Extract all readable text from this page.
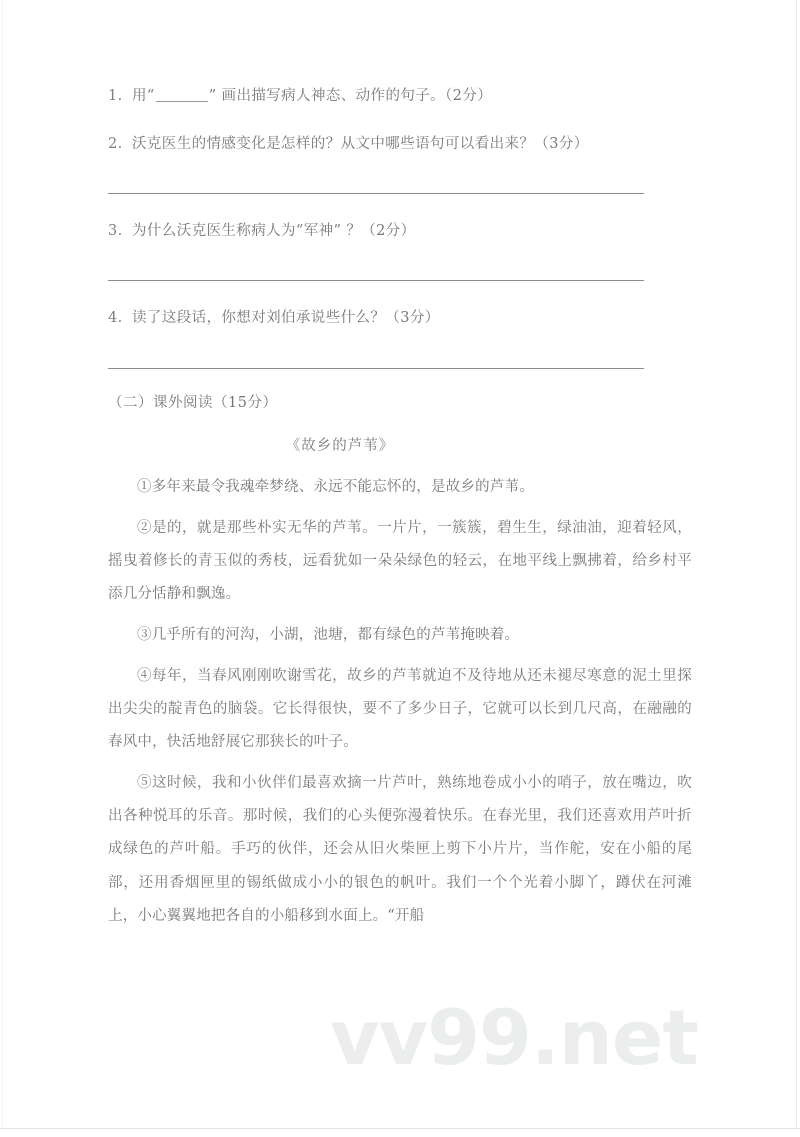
1. 用“	” 画出描写病人神态、动作的句子。（2分）
2. 沃克医生的情感变化是怎样的？从文中哪些语句可以看出来？（3分）
3. 为什么沃克医生称病人为“军神” ？（2分）
4. 读了这段话，你想对刘伯承说些什么？（3分）
（二）课外阅读（15分）
《故乡的芦苇》
①多年来最令我魂牵梦绕、永远不能忘怀的，是故乡的芦苇。
②是的，就是那些朴实无华的芦苇。一片片，一簇簇，碧生生，绿油油，迎着轻风，摇曳着修长的青玉似的秀枝，远看犹如一朵朵绿色的轻云，在地平线上飘拂着，给乡村平添几分恬静和飘逸。
③几乎所有的河沟，小湖，池塘，都有绿色的芦苇掩映着。
④每年，当春风刚刚吹谢雪花，故乡的芦苇就迫不及待地从还未褪尽寒意的泥土里探出尖尖的靛青色的脑袋。它长得很快，要不了多少日子，它就可以长到几尺高，在融融的春风中，快活地舒展它那狭长的叶子。
⑤这时候，我和小伙伴们最喜欢摘一片芦叶，熟练地卷成小小的哨子，放在嘴边，吹出各种悦耳的乐音。那时候，我们的心头便弥漫着快乐。在春光里，我们还喜欢用芦叶折成绿色的芦叶船。手巧的伙伴，还会从旧火柴匣上剪下小片片，当作舵，安在小船的尾部，还用香烟匣里的锡纸做成小小的银色的帆叶。我们一个个光着小脚丫，蹲伏在河滩上，小心翼翼地把各自的小船移到水面上。“开船
vv99.net
